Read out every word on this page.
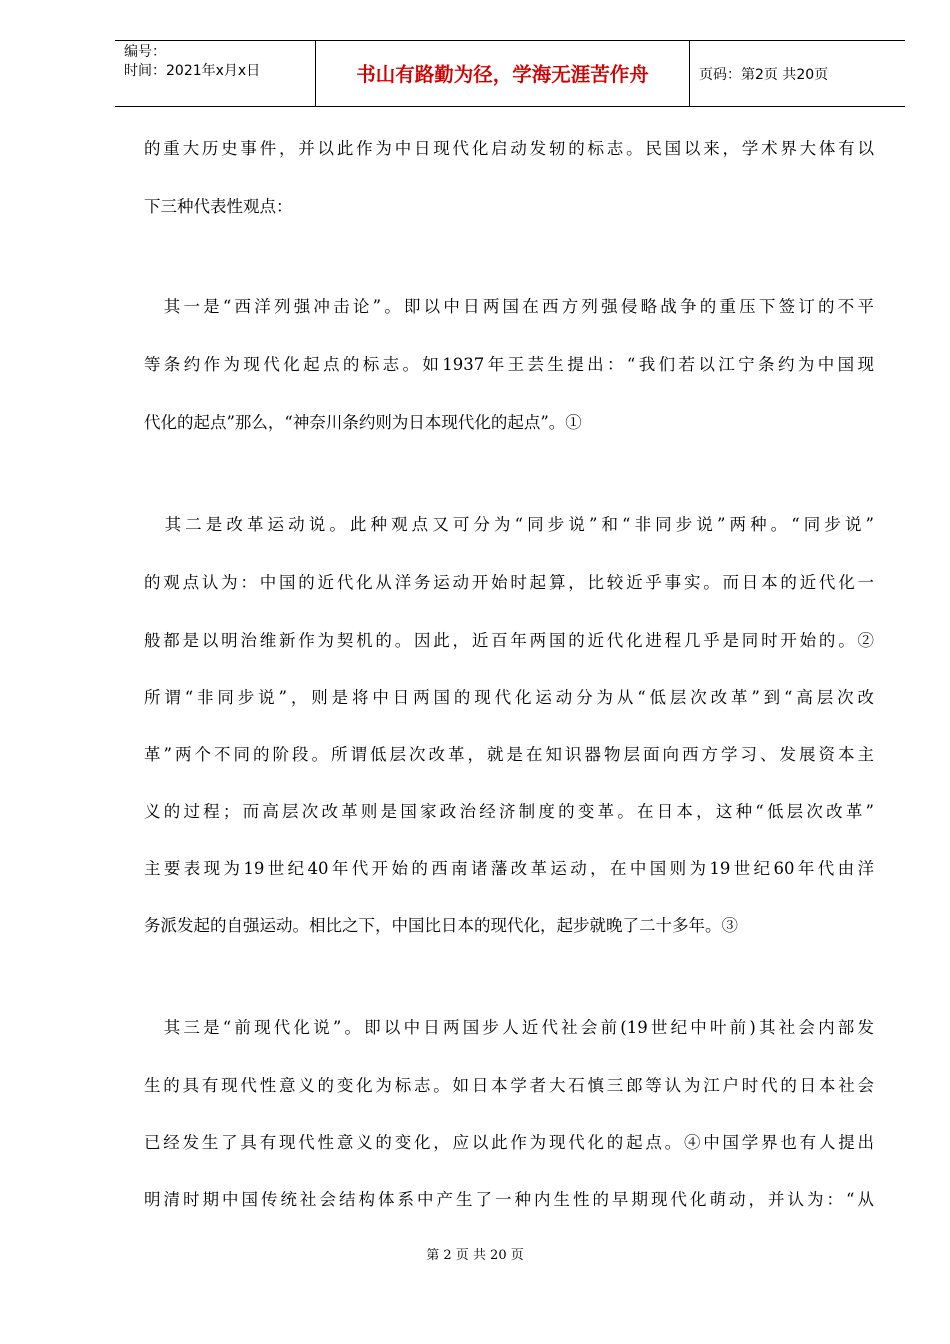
编号：
时间：2021年x月x日	书山有路勤为径，学海无涯苦作舟	页码：第2页 共20页
的重大历史事件，并以此作为中日现代化启动发轫的标志。民国以来，学术界大体有以
下三种代表性观点：
　其一是“西洋列强冲击论”。即以中日两国在西方列强侵略战争的重压下签订的不平
等条约作为现代化起点的标志。如1937年王芸生提出：“我们若以江宁条约为中国现
代化的起点”那么，“神奈川条约则为日本现代化的起点”。①
　其二是改革运动说。此种观点又可分为“同步说”和“非同步说”两种。“同步说”
的观点认为：中国的近代化从洋务运动开始时起算，比较近乎事实。而日本的近代化一
般都是以明治维新作为契机的。因此，近百年两国的近代化进程几乎是同时开始的。②
所谓“非同步说”，则是将中日两国的现代化运动分为从“低层次改革”到“高层次改
革”两个不同的阶段。所谓低层次改革，就是在知识器物层面向西方学习、发展资本主
义的过程；而高层次改革则是国家政治经济制度的变革。在日本，这种“低层次改革”
主要表现为19世纪40年代开始的西南诸藩改革运动，在中国则为19世纪60年代由洋
务派发起的自强运动。相比之下，中国比日本的现代化，起步就晚了二十多年。③
　其三是“前现代化说”。即以中日两国步人近代社会前(19世纪中叶前)其社会内部发
生的具有现代性意义的变化为标志。如日本学者大石慎三郎等认为江户时代的日本社会
已经发生了具有现代性意义的变化，应以此作为现代化的起点。④中国学界也有人提出
明清时期中国传统社会结构体系中产生了一种内生性的早期现代化萌动，并认为：“从
第 2 页 共 20 页
